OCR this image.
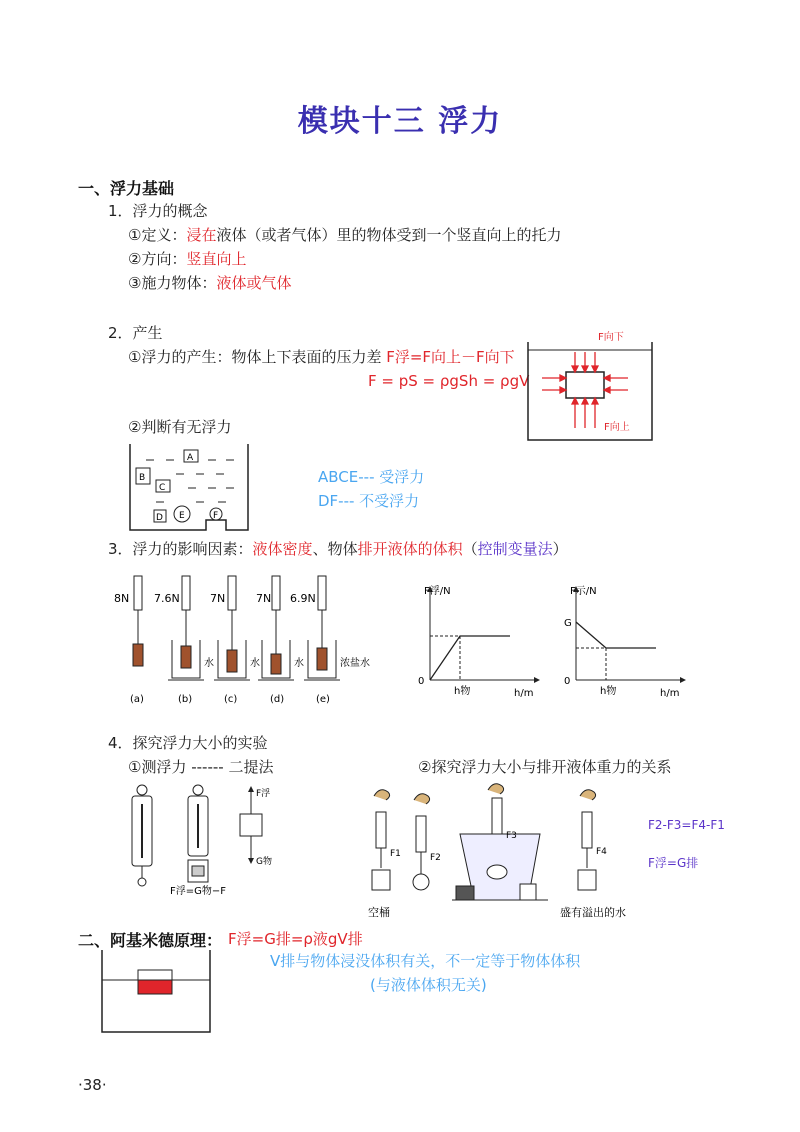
模块十三 浮力
一、浮力基础
1．浮力的概念
①定义：浸在液体（或者气体）里的物体受到一个竖直向上的托力
②方向：竖直向上
③施力物体：液体或气体
2．产生
①浮力的产生：物体上下表面的压力差 F浮=F向上－F向下
F = pS = ρgSh = ρgV
F向下
F向上
②判断有无浮力
A
B
C
D E	F
ABCE--- 受浮力
DF--- 不受浮力
3．浮力的影响因素：液体密度、物体排开液体的体积（控制变量法）
8N 7.6N	7N	7N 6.9N
水	水	水	浓盐水
(a)	(b)	(c)	(d)	(e)
F浮/N
0
h物	h/m
F示/N
G
0
h物	h/m
4．探究浮力大小的实验
①测浮力 ------ 二提法	②探究浮力大小与排开液体重力的关系
F浮
G物
F浮=G物−F
F1	F2
F3
F4
空桶	盛有溢出的水
F2-F3=F4-F1
F浮=G排
二、阿基米德原理： F浮=G排=ρ液gV排
V排与物体浸没体积有关，不一定等于物体体积
(与液体体积无关)
·38·
